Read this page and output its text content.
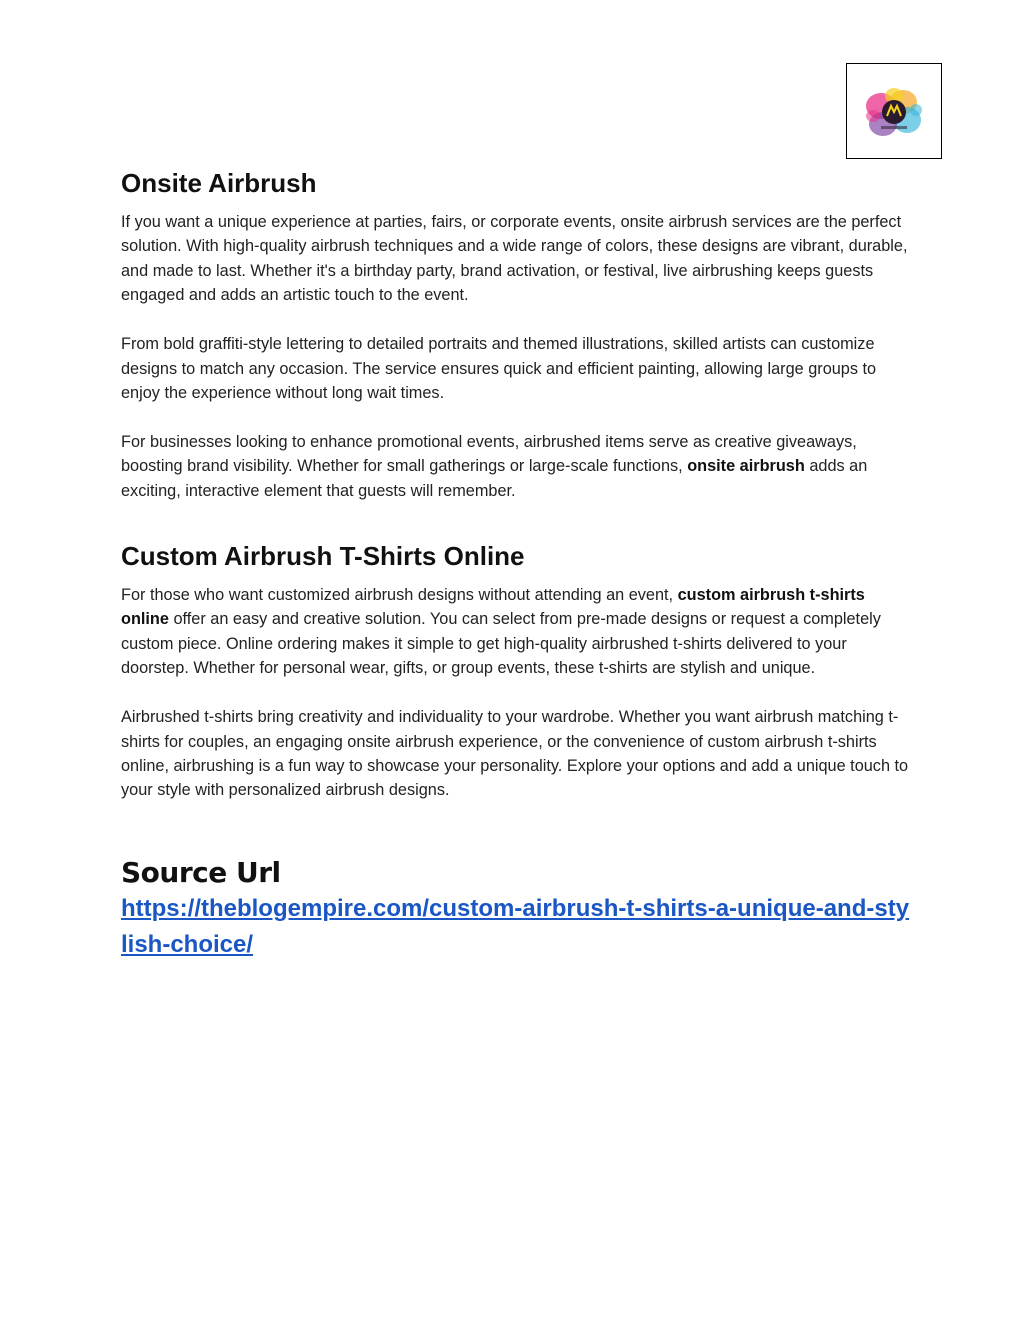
Onsite Airbrush

If you want a unique experience at parties, fairs, or corporate events, onsite airbrush services are the perfect solution. With high-quality airbrush techniques and a wide range of colors, these designs are vibrant, durable, and made to last. Whether it's a birthday party, brand activation, or festival, live airbrushing keeps guests engaged and adds an artistic touch to the event.

From bold graffiti-style lettering to detailed portraits and themed illustrations, skilled artists can customize designs to match any occasion. The service ensures quick and efficient painting, allowing large groups to enjoy the experience without long wait times.

For businesses looking to enhance promotional events, airbrushed items serve as creative giveaways, boosting brand visibility. Whether for small gatherings or large-scale functions, onsite airbrush adds an exciting, interactive element that guests will remember.

Custom Airbrush T-Shirts Online

For those who want customized airbrush designs without attending an event, custom airbrush t-shirts online offer an easy and creative solution. You can select from pre-made designs or request a completely custom piece. Online ordering makes it simple to get high-quality airbrushed t-shirts delivered to your doorstep. Whether for personal wear, gifts, or group events, these t-shirts are stylish and unique.

Airbrushed t-shirts bring creativity and individuality to your wardrobe. Whether you want airbrush matching t-shirts for couples, an engaging onsite airbrush experience, or the convenience of custom airbrush t-shirts online, airbrushing is a fun way to showcase your personality. Explore your options and add a unique touch to your style with personalized airbrush designs.

Source Url
https://theblogempire.com/custom-airbrush-t-shirts-a-unique-and-stylish-choice/
